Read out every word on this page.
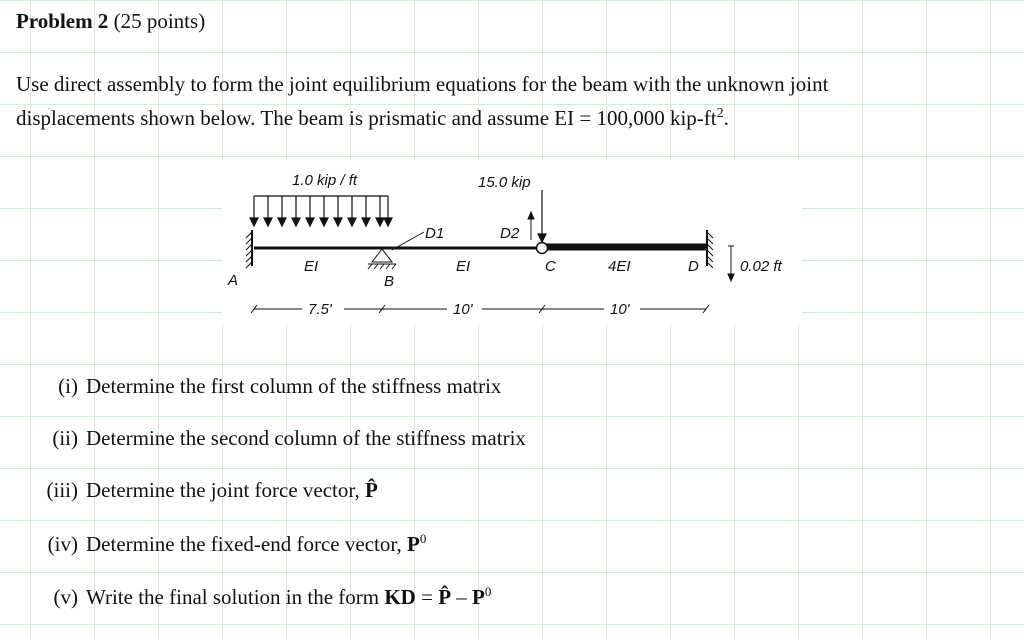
Problem 2 (25 points)
Use direct assembly to form the joint equilibrium equations for the beam with the unknown joint
displacements shown below. The beam is prismatic and assume EI = 100,000 kip-$ft^2$.
1.0 kip / ft	15.0 kip
D1	D2
0.02 ft
A	B
C	D
EI	EI	4EI
7.5'	10'	10'
(i) Determine the first column of the stiffness matrix
(ii) Determine the second column of the stiffness matrix
(iii) Determine the joint force vector, P̂
(iv) Determine the fixed-end force vector, $P^0$
(v) Write the final solution in the form KD = P̂ – $P^0$
